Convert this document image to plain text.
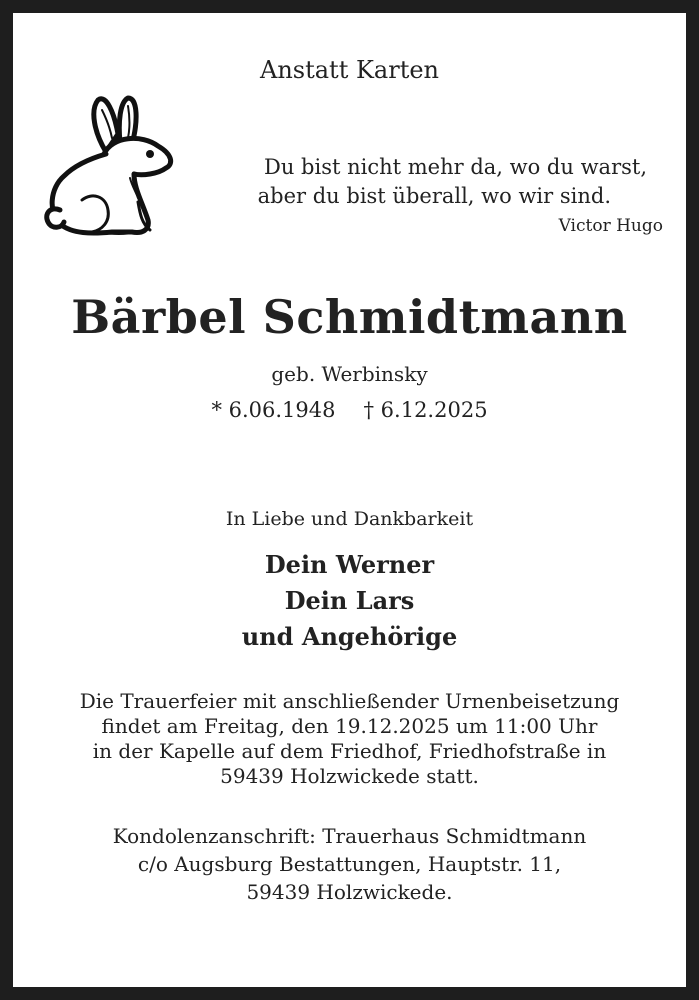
Anstatt Karten
Du bist nicht mehr da, wo du warst,
aber du bist überall, wo wir sind.
Victor Hugo
Bärbel Schmidtmann
geb. Werbinsky
* 6.06.1948 † 6.12.2025
In Liebe und Dankbarkeit
Dein Werner
Dein Lars
und Angehörige
Die Trauerfeier mit anschließender Urnenbeisetzung
findet am Freitag, den 19.12.2025 um 11:00 Uhr
in der Kapelle auf dem Friedhof, Friedhofstraße in
59439 Holzwickede statt.
Kondolenzanschrift: Trauerhaus Schmidtmann
c/o Augsburg Bestattungen, Hauptstr. 11,
59439 Holzwickede.
